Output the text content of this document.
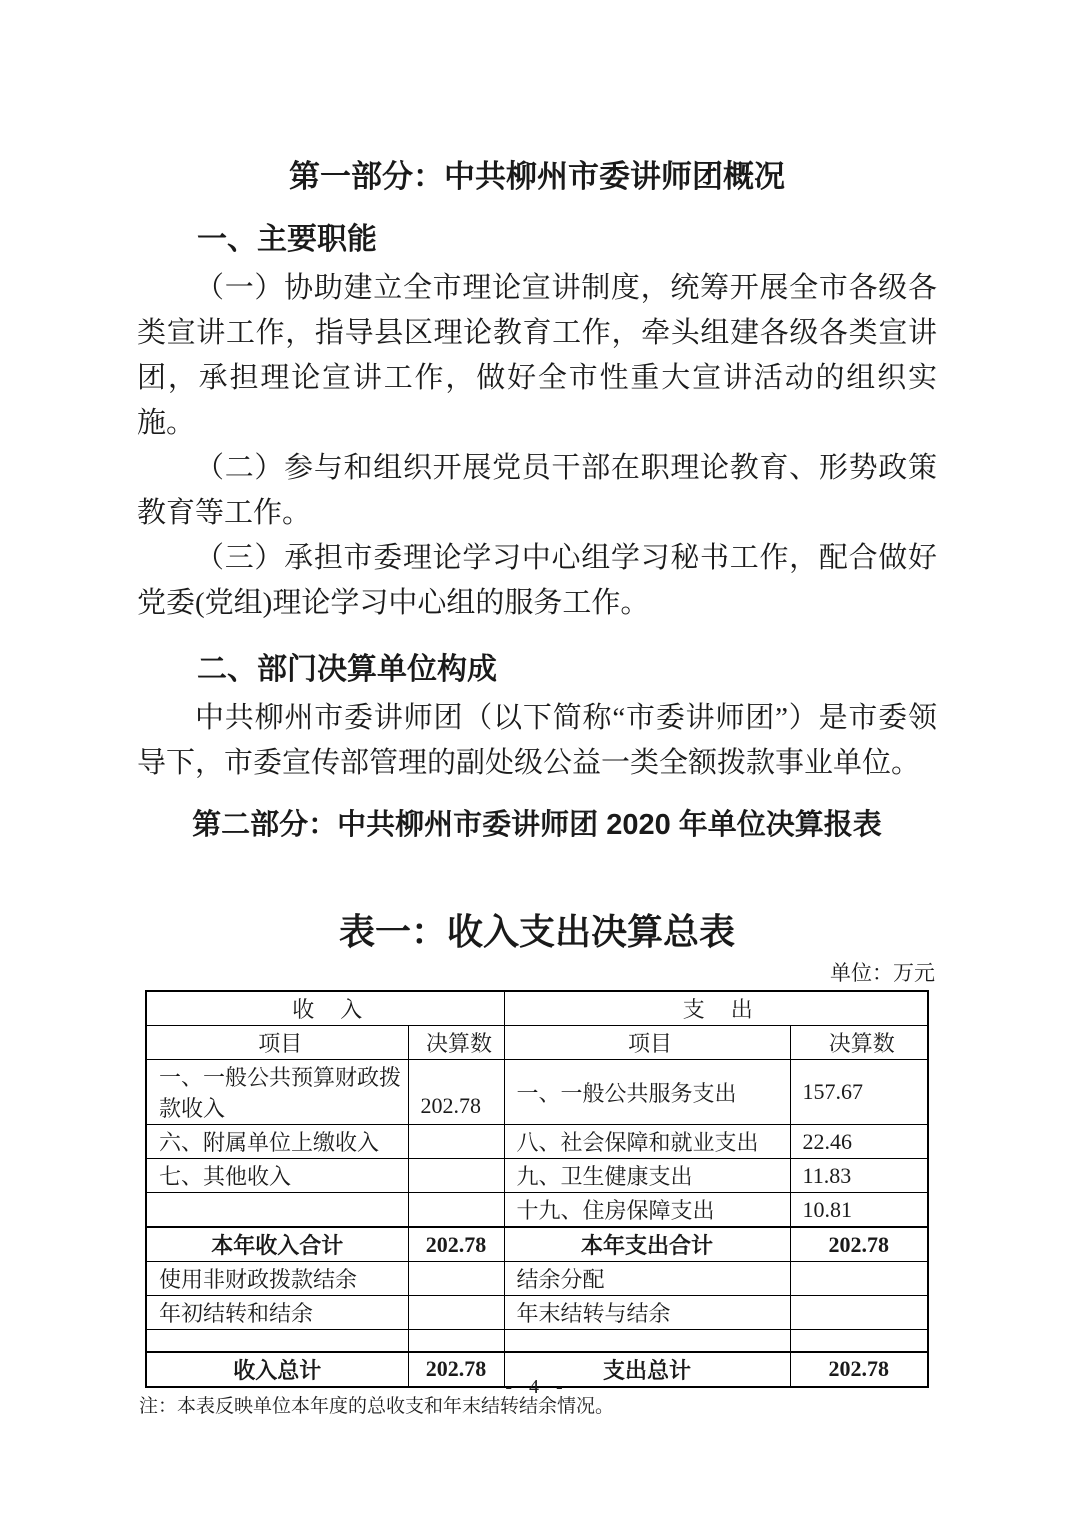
第一部分：中共柳州市委讲师团概况
一、主要职能

（一）协助建立全市理论宣讲制度，统筹开展全市各级各类宣讲工作，指导县区理论教育工作，牵头组建各级各类宣讲团，承担理论宣讲工作，做好全市性重大宣讲活动的组织实施。

（二）参与和组织开展党员干部在职理论教育、形势政策教育等工作。

（三）承担市委理论学习中心组学习秘书工作，配合做好党委(党组)理论学习中心组的服务工作。

二、部门决算单位构成

中共柳州市委讲师团（以下简称“市委讲师团”）是市委领导下，市委宣传部管理的副处级公益一类全额拨款事业单位。

第二部分：中共柳州市委讲师团 2020 年单位决算报表
表一：收入支出决算总表
单位：万元
收　入		支　出	
项目	决算数	项目	决算数
一、一般公共预算财政拨款收入	202.78	一、一般公共服务支出	157.67
六、附属单位上缴收入		八、社会保障和就业支出	22.46
七、其他收入		九、卫生健康支出	11.83
		十九、住房保障支出	10.81
本年收入合计	202.78	本年支出合计	202.78
使用非财政拨款结余		结余分配	
年初结转和结余		年末结转与结余	

收入总计	202.78	支出总计	202.78

注：本表反映单位本年度的总收支和年末结转结余情况。

- 4 -
